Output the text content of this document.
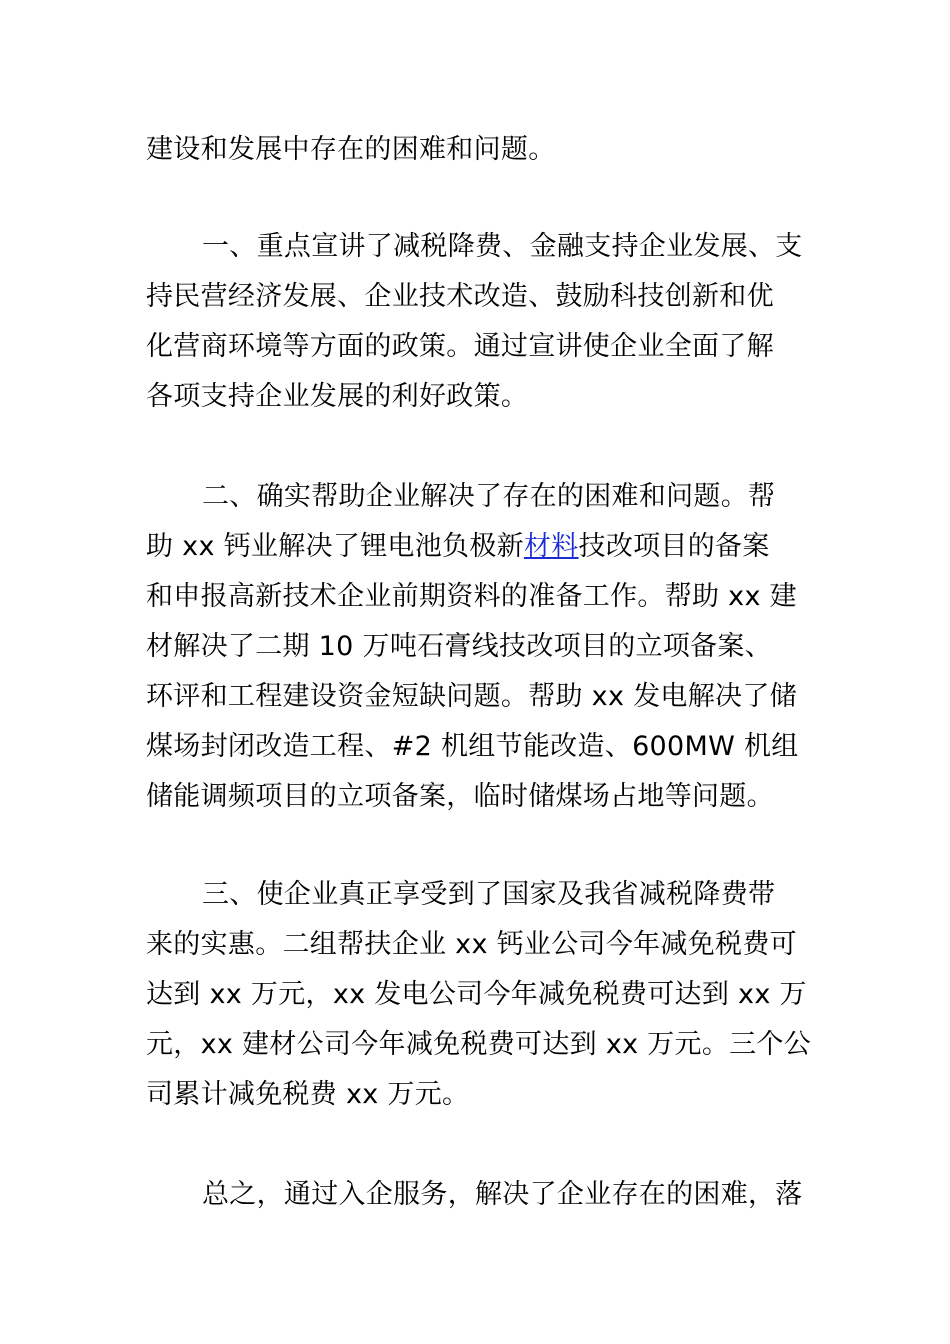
建设和发展中存在的困难和问题。
一、重点宣讲了减税降费、金融支持企业发展、支
持民营经济发展、企业技术改造、鼓励科技创新和优
化营商环境等方面的政策。通过宣讲使企业全面了解
各项支持企业发展的利好政策。
二、确实帮助企业解决了存在的困难和问题。帮
助 xx 钙业解决了锂电池负极新材料技改项目的备案
和申报高新技术企业前期资料的准备工作。帮助 xx 建
材解决了二期 10 万吨石膏线技改项目的立项备案、
环评和工程建设资金短缺问题。帮助 xx 发电解决了储
煤场封闭改造工程、#2 机组节能改造、600MW 机组
储能调频项目的立项备案，临时储煤场占地等问题。
三、使企业真正享受到了国家及我省减税降费带
来的实惠。二组帮扶企业 xx 钙业公司今年减免税费可
达到 xx 万元，xx 发电公司今年减免税费可达到 xx 万
元，xx 建材公司今年减免税费可达到 xx 万元。三个公
司累计减免税费 xx 万元。
总之，通过入企服务，解决了企业存在的困难，落
